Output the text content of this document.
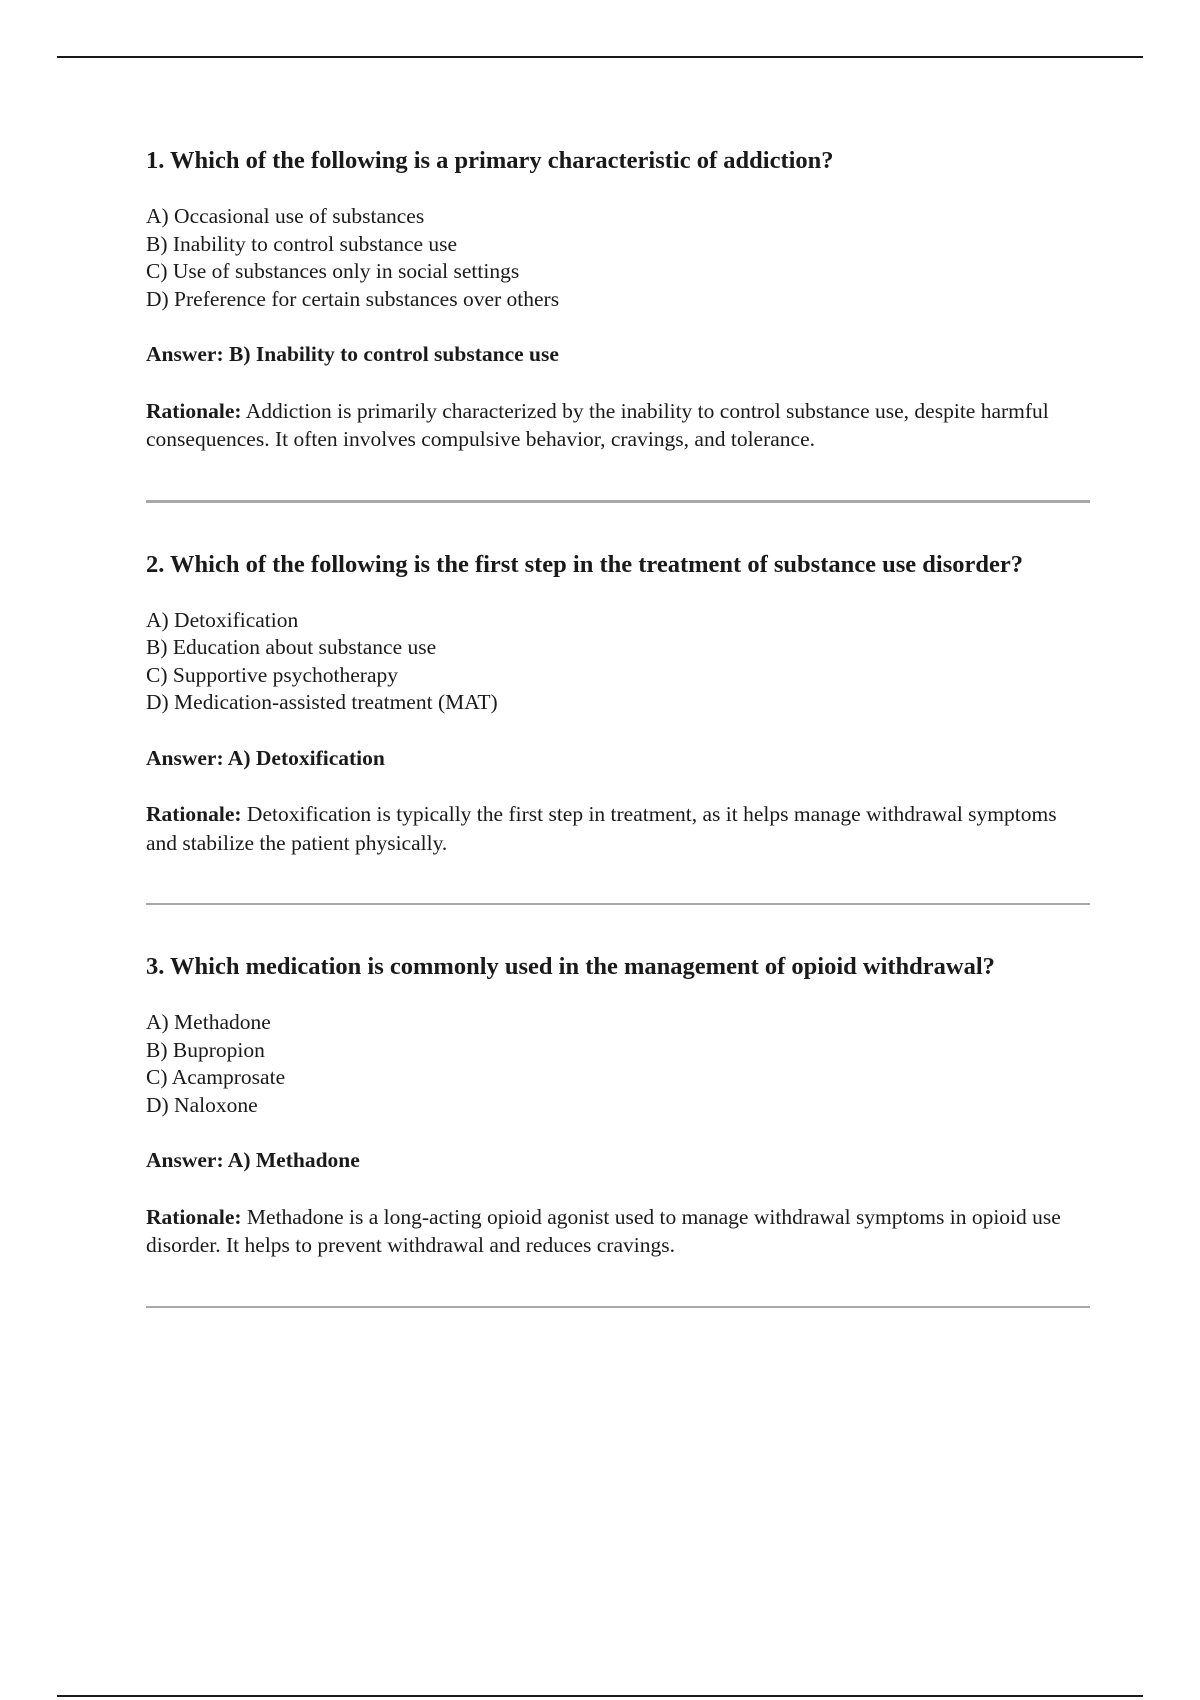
1. Which of the following is a primary characteristic of addiction?
A) Occasional use of substances
B) Inability to control substance use
C) Use of substances only in social settings
D) Preference for certain substances over others

Answer: B) Inability to control substance use

Rationale: Addiction is primarily characterized by the inability to control substance use, despite harmful consequences. It often involves compulsive behavior, cravings, and tolerance.

2. Which of the following is the first step in the treatment of substance use disorder?
A) Detoxification
B) Education about substance use
C) Supportive psychotherapy
D) Medication-assisted treatment (MAT)

Answer: A) Detoxification

Rationale: Detoxification is typically the first step in treatment, as it helps manage withdrawal symptoms and stabilize the patient physically.

3. Which medication is commonly used in the management of opioid withdrawal?
A) Methadone
B) Bupropion
C) Acamprosate
D) Naloxone

Answer: A) Methadone

Rationale: Methadone is a long-acting opioid agonist used to manage withdrawal symptoms in opioid use disorder. It helps to prevent withdrawal and reduces cravings.
